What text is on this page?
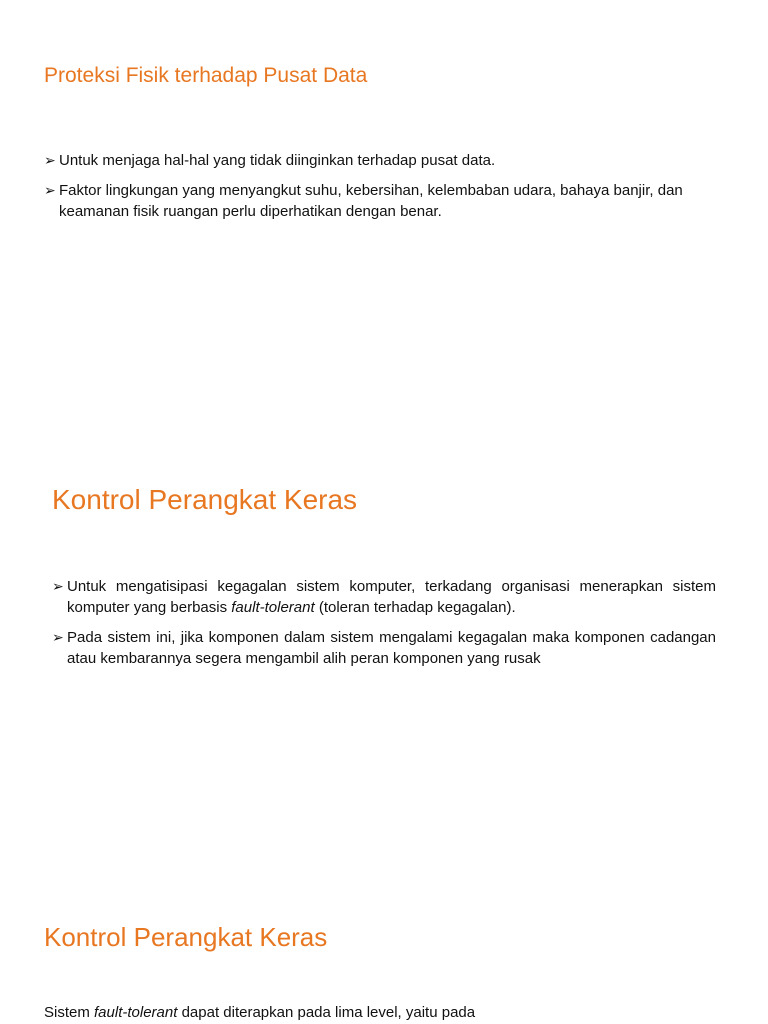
Proteksi Fisik terhadap Pusat Data
➢ Untuk menjaga hal-hal yang tidak diinginkan terhadap pusat data.
➢ Faktor lingkungan yang menyangkut suhu, kebersihan, kelembaban udara, bahaya banjir, dan keamanan fisik ruangan perlu diperhatikan dengan benar.
Kontrol Perangkat Keras
➢ Untuk mengatisipasi kegagalan sistem komputer, terkadang organisasi menerapkan sistem komputer yang berbasis fault-tolerant (toleran terhadap kegagalan).
➢ Pada sistem ini, jika komponen dalam sistem mengalami kegagalan maka komponen cadangan atau kembarannya segera mengambil alih peran komponen yang rusak
Kontrol Perangkat Keras

Sistem fault-tolerant dapat diterapkan pada lima level, yaitu pada
